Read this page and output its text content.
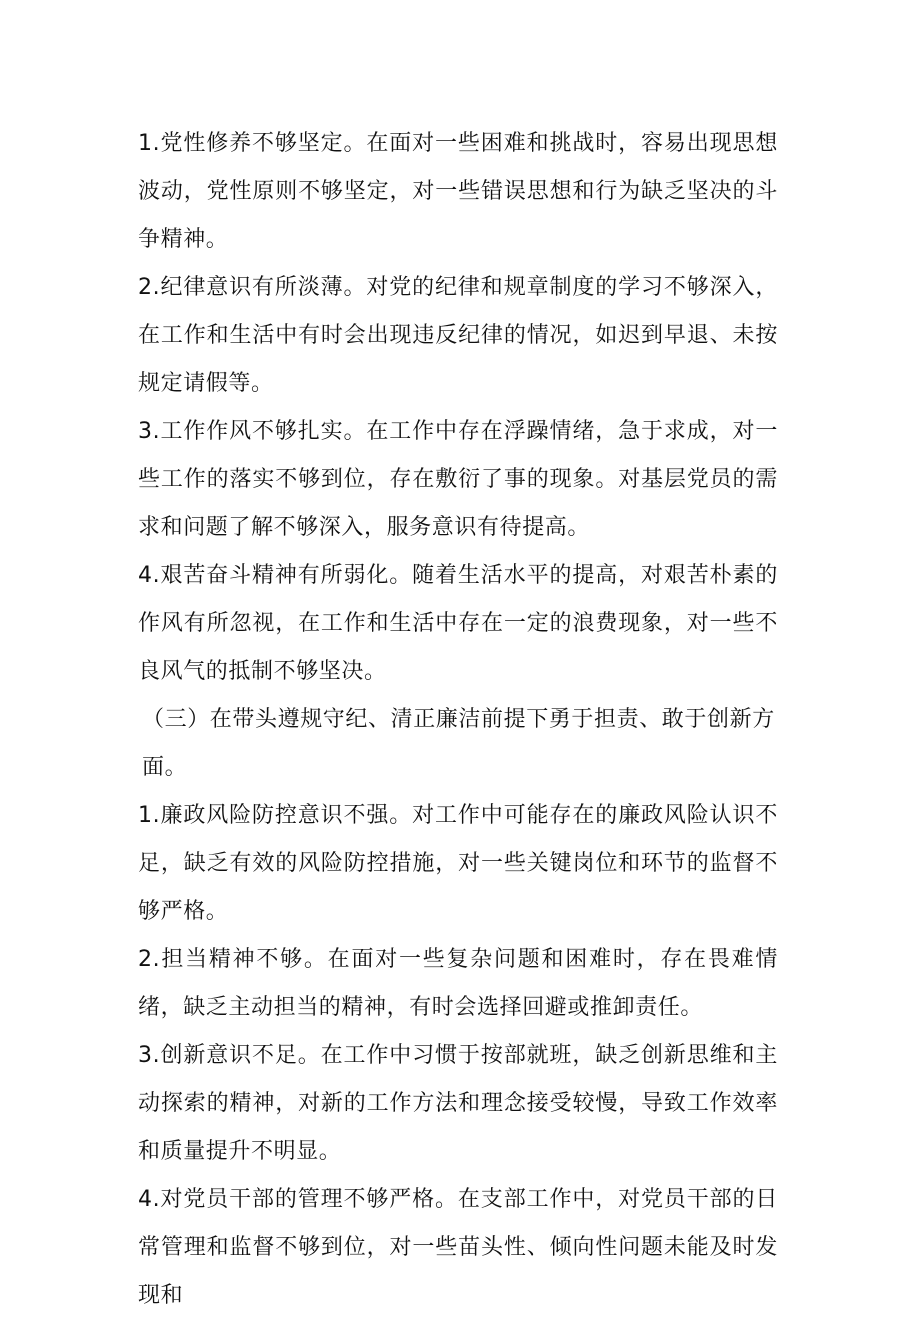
1.党性修养不够坚定。在面对一些困难和挑战时，容易出现思想波动，党性原则不够坚定，对一些错误思想和行为缺乏坚决的斗争精神。

2.纪律意识有所淡薄。对党的纪律和规章制度的学习不够深入，在工作和生活中有时会出现违反纪律的情况，如迟到早退、未按规定请假等。

3.工作作风不够扎实。在工作中存在浮躁情绪，急于求成，对一些工作的落实不够到位，存在敷衍了事的现象。对基层党员的需求和问题了解不够深入，服务意识有待提高。

4.艰苦奋斗精神有所弱化。随着生活水平的提高，对艰苦朴素的作风有所忽视，在工作和生活中存在一定的浪费现象，对一些不良风气的抵制不够坚决。

（三）在带头遵规守纪、清正廉洁前提下勇于担责、敢于创新方面。

1.廉政风险防控意识不强。对工作中可能存在的廉政风险认识不足，缺乏有效的风险防控措施，对一些关键岗位和环节的监督不够严格。

2.担当精神不够。在面对一些复杂问题和困难时，存在畏难情绪，缺乏主动担当的精神，有时会选择回避或推卸责任。

3.创新意识不足。在工作中习惯于按部就班，缺乏创新思维和主动探索的精神，对新的工作方法和理念接受较慢，导致工作效率和质量提升不明显。

4.对党员干部的管理不够严格。在支部工作中，对党员干部的日常管理和监督不够到位，对一些苗头性、倾向性问题未能及时发现和
